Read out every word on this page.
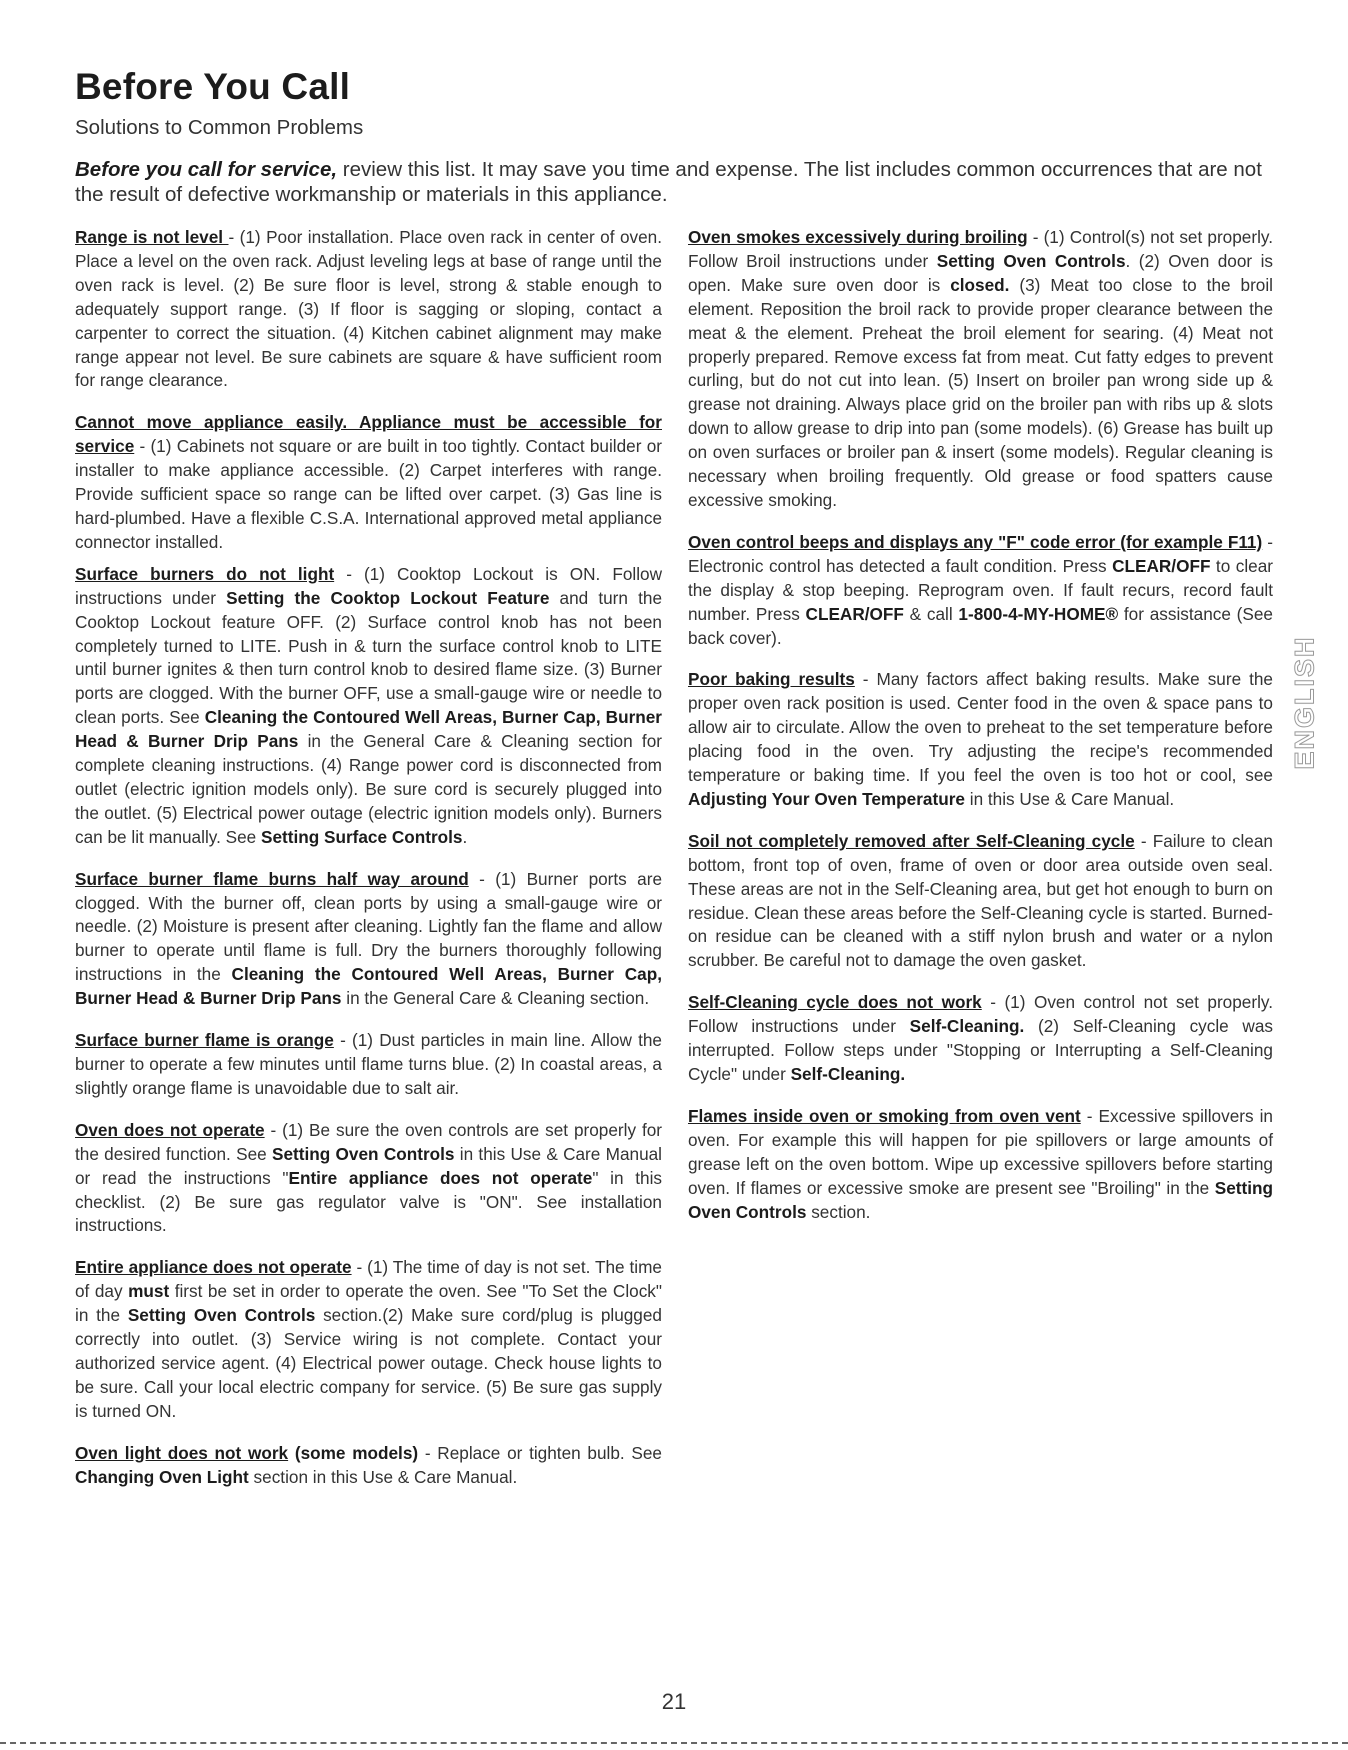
Before You Call
Solutions to Common Problems
Before you call for service, review this list. It may save you time and expense. The list includes common occurrences that are not the result of defective workmanship or materials in this appliance.

Range is not level - (1) Poor installation. Place oven rack in center of oven. Place a level on the oven rack. Adjust leveling legs at base of range until the oven rack is level. (2) Be sure floor is level, strong & stable enough to adequately support range. (3) If floor is sagging or sloping, contact a carpenter to correct the situation. (4) Kitchen cabinet alignment may make range appear not level. Be sure cabinets are square & have sufficient room for range clearance.

Cannot move appliance easily. Appliance must be accessible for service - (1) Cabinets not square or are built in too tightly. Contact builder or installer to make appliance accessible. (2) Carpet interferes with range. Provide sufficient space so range can be lifted over carpet. (3) Gas line is hard-plumbed. Have a flexible C.S.A. International approved metal appliance connector installed.

Surface burners do not light - (1) Cooktop Lockout is ON. Follow instructions under Setting the Cooktop Lockout Feature and turn the Cooktop Lockout feature OFF. (2) Surface control knob has not been completely turned to LITE. Push in & turn the surface control knob to LITE until burner ignites & then turn control knob to desired flame size. (3) Burner ports are clogged. With the burner OFF, use a small-gauge wire or needle to clean ports. See Cleaning the Contoured Well Areas, Burner Cap, Burner Head & Burner Drip Pans in the General Care & Cleaning section for complete cleaning instructions. (4) Range power cord is disconnected from outlet (electric ignition models only). Be sure cord is securely plugged into the outlet. (5) Electrical power outage (electric ignition models only). Burners can be lit manually. See Setting Surface Controls.

Surface burner flame burns half way around - (1) Burner ports are clogged. With the burner off, clean ports by using a small-gauge wire or needle. (2) Moisture is present after cleaning. Lightly fan the flame and allow burner to operate until flame is full. Dry the burners thoroughly following instructions in the Cleaning the Contoured Well Areas, Burner Cap, Burner Head & Burner Drip Pans in the General Care & Cleaning section.

Surface burner flame is orange - (1) Dust particles in main line. Allow the burner to operate a few minutes until flame turns blue. (2) In coastal areas, a slightly orange flame is unavoidable due to salt air.

Oven does not operate - (1) Be sure the oven controls are set properly for the desired function. See Setting Oven Controls in this Use & Care Manual or read the instructions "Entire appliance does not operate" in this checklist. (2) Be sure gas regulator valve is "ON". See installation instructions.

Entire appliance does not operate - (1) The time of day is not set. The time of day must first be set in order to operate the oven. See "To Set the Clock" in the Setting Oven Controls section.(2) Make sure cord/plug is plugged correctly into outlet. (3) Service wiring is not complete. Contact your authorized service agent. (4) Electrical power outage. Check house lights to be sure. Call your local electric company for service. (5) Be sure gas supply is turned ON.

Oven light does not work (some models) - Replace or tighten bulb. See Changing Oven Light section in this Use & Care Manual.

Oven smokes excessively during broiling - (1) Control(s) not set properly. Follow Broil instructions under Setting Oven Controls. (2) Oven door is open. Make sure oven door is closed. (3) Meat too close to the broil element. Reposition the broil rack to provide proper clearance between the meat & the element. Preheat the broil element for searing. (4) Meat not properly prepared. Remove excess fat from meat. Cut fatty edges to prevent curling, but do not cut into lean. (5) Insert on broiler pan wrong side up & grease not draining. Always place grid on the broiler pan with ribs up & slots down to allow grease to drip into pan (some models). (6) Grease has built up on oven surfaces or broiler pan & insert (some models). Regular cleaning is necessary when broiling frequently. Old grease or food spatters cause excessive smoking.

Oven control beeps and displays any "F" code error (for example F11) - Electronic control has detected a fault condition. Press CLEAR/OFF to clear the display & stop beeping. Reprogram oven. If fault recurs, record fault number. Press CLEAR/OFF & call 1-800-4-MY-HOME® for assistance (See back cover).

Poor baking results - Many factors affect baking results. Make sure the proper oven rack position is used. Center food in the oven & space pans to allow air to circulate. Allow the oven to preheat to the set temperature before placing food in the oven. Try adjusting the recipe's recommended temperature or baking time. If you feel the oven is too hot or cool, see Adjusting Your Oven Temperature in this Use & Care Manual.

Soil not completely removed after Self-Cleaning cycle - Failure to clean bottom, front top of oven, frame of oven or door area outside oven seal. These areas are not in the Self-Cleaning area, but get hot enough to burn on residue. Clean these areas before the Self-Cleaning cycle is started. Burned-on residue can be cleaned with a stiff nylon brush and water or a nylon scrubber. Be careful not to damage the oven gasket.

Self-Cleaning cycle does not work - (1) Oven control not set properly. Follow instructions under Self-Cleaning. (2) Self-Cleaning cycle was interrupted. Follow steps under "Stopping or Interrupting a Self-Cleaning Cycle" under Self-Cleaning.

Flames inside oven or smoking from oven vent - Excessive spillovers in oven. For example this will happen for pie spillovers or large amounts of grease left on the oven bottom. Wipe up excessive spillovers before starting oven. If flames or excessive smoke are present see "Broiling" in the Setting Oven Controls section.

ENGLISH
21
